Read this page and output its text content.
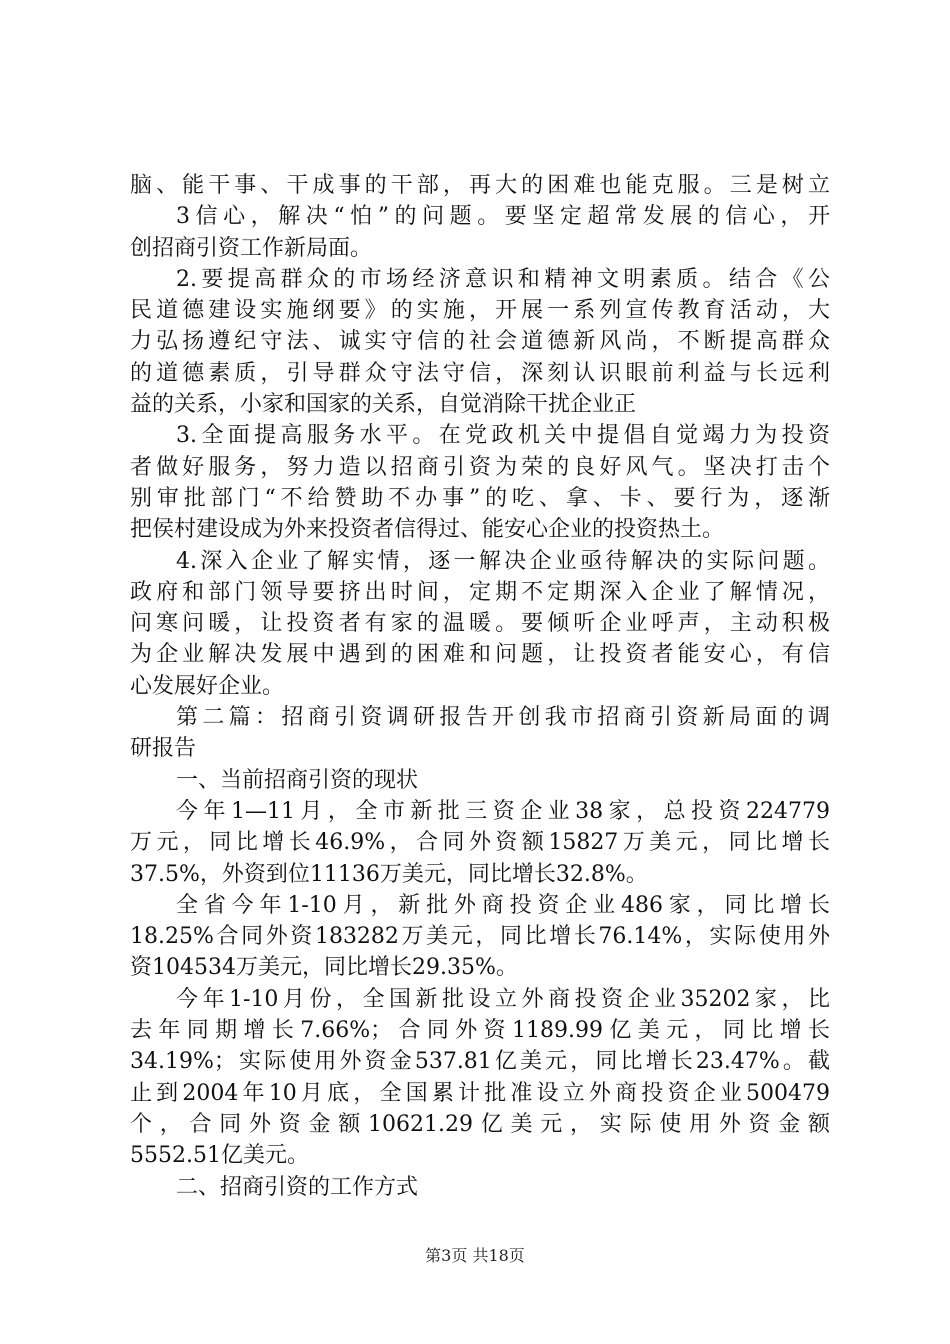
脑、能干事、干成事的干部，再大的困难也能克服。三是树立
3信心，解决“怕”的问题。要坚定超常发展的信心，开
创招商引资工作新局面。
2.要提高群众的市场经济意识和精神文明素质。结合《公
民道德建设实施纲要》的实施，开展一系列宣传教育活动，大
力弘扬遵纪守法、诚实守信的社会道德新风尚，不断提高群众
的道德素质，引导群众守法守信，深刻认识眼前利益与长远利
益的关系，小家和国家的关系，自觉消除干扰企业正
3.全面提高服务水平。在党政机关中提倡自觉竭力为投资
者做好服务，努力造以招商引资为荣的良好风气。坚决打击个
别审批部门“不给赞助不办事”的吃、拿、卡、要行为，逐渐
把侯村建设成为外来投资者信得过、能安心企业的投资热土。
4.深入企业了解实情，逐一解决企业亟待解决的实际问题。
政府和部门领导要挤出时间，定期不定期深入企业了解情况，
问寒问暖，让投资者有家的温暖。要倾听企业呼声，主动积极
为企业解决发展中遇到的困难和问题，让投资者能安心，有信
心发展好企业。
第二篇：招商引资调研报告开创我市招商引资新局面的调
研报告
一、当前招商引资的现状
今年1—11月，全市新批三资企业38家，总投资224779
万元，同比增长46.9%，合同外资额15827万美元，同比增长
37.5%，外资到位11136万美元，同比增长32.8%。
全省今年1-10月，新批外商投资企业486家，同比增长
18.25%合同外资183282万美元，同比增长76.14%，实际使用外
资104534万美元，同比增长29.35%。
今年1-10月份，全国新批设立外商投资企业35202家，比
去年同期增长7.66%；合同外资1189.99亿美元，同比增长
34.19%；实际使用外资金537.81亿美元，同比增长23.47%。截
止到2004年10月底，全国累计批准设立外商投资企业500479
个，合同外资金额10621.29亿美元，实际使用外资金额
5552.51亿美元。
二、招商引资的工作方式
第3页 共18页
